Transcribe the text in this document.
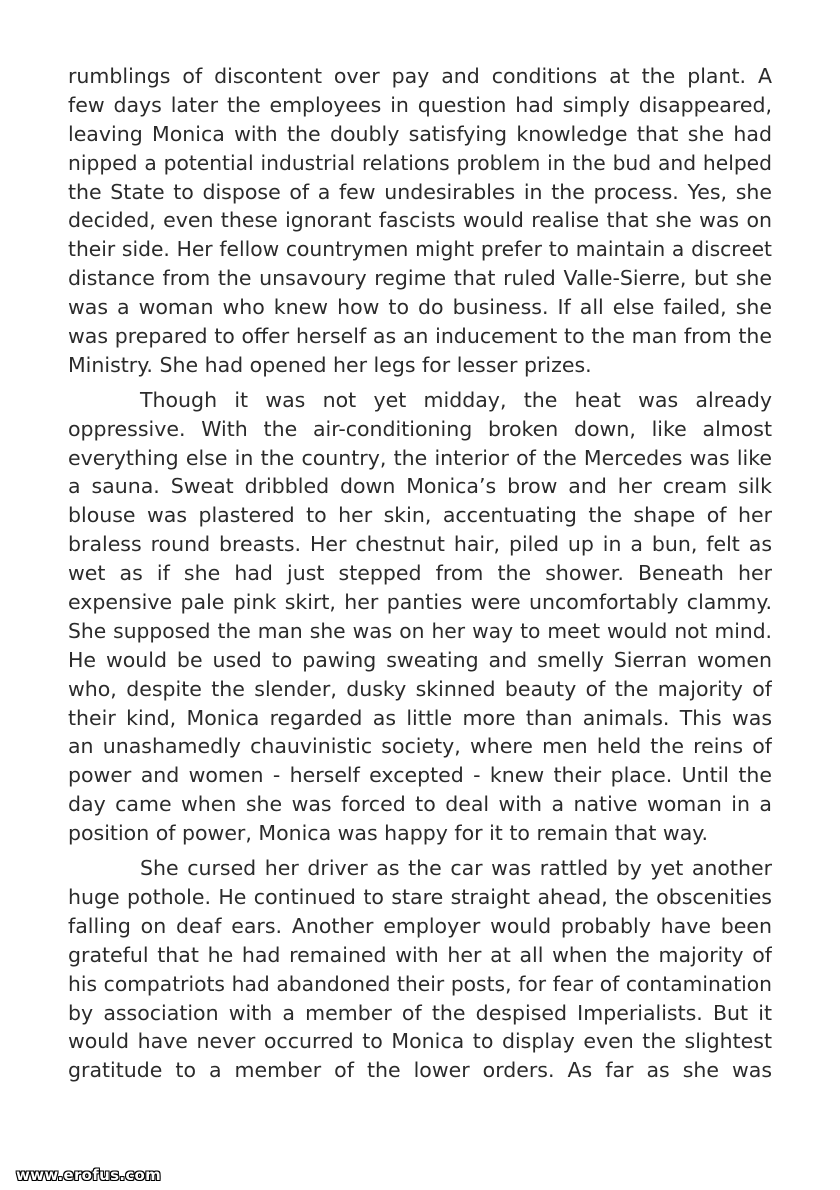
rumblings of discontent over pay and conditions at the plant. A
few days later the employees in question had simply disappeared,
leaving Monica with the doubly satisfying knowledge that she had
nipped a potential industrial relations problem in the bud and helped
the State to dispose of a few undesirables in the process. Yes, she
decided, even these ignorant fascists would realise that she was on
their side. Her fellow countrymen might prefer to maintain a discreet
distance from the unsavoury regime that ruled Valle-Sierre, but she
was a woman who knew how to do business. If all else failed, she
was prepared to offer herself as an inducement to the man from the
Ministry. She had opened her legs for lesser prizes.
Though it was not yet midday, the heat was already
oppressive. With the air-conditioning broken down, like almost
everything else in the country, the interior of the Mercedes was like
a sauna. Sweat dribbled down Monica’s brow and her cream silk
blouse was plastered to her skin, accentuating the shape of her
braless round breasts. Her chestnut hair, piled up in a bun, felt as
wet as if she had just stepped from the shower. Beneath her
expensive pale pink skirt, her panties were uncomfortably clammy.
She supposed the man she was on her way to meet would not mind.
He would be used to pawing sweating and smelly Sierran women
who, despite the slender, dusky skinned beauty of the majority of
their kind, Monica regarded as little more than animals. This was
an unashamedly chauvinistic society, where men held the reins of
power and women - herself excepted - knew their place. Until the
day came when she was forced to deal with a native woman in a
position of power, Monica was happy for it to remain that way.
She cursed her driver as the car was rattled by yet another
huge pothole. He continued to stare straight ahead, the obscenities
falling on deaf ears. Another employer would probably have been
grateful that he had remained with her at all when the majority of
his compatriots had abandoned their posts, for fear of contamination
by association with a member of the despised Imperialists. But it
would have never occurred to Monica to display even the slightest
gratitude to a member of the lower orders. As far as she was
www.erofus.com
